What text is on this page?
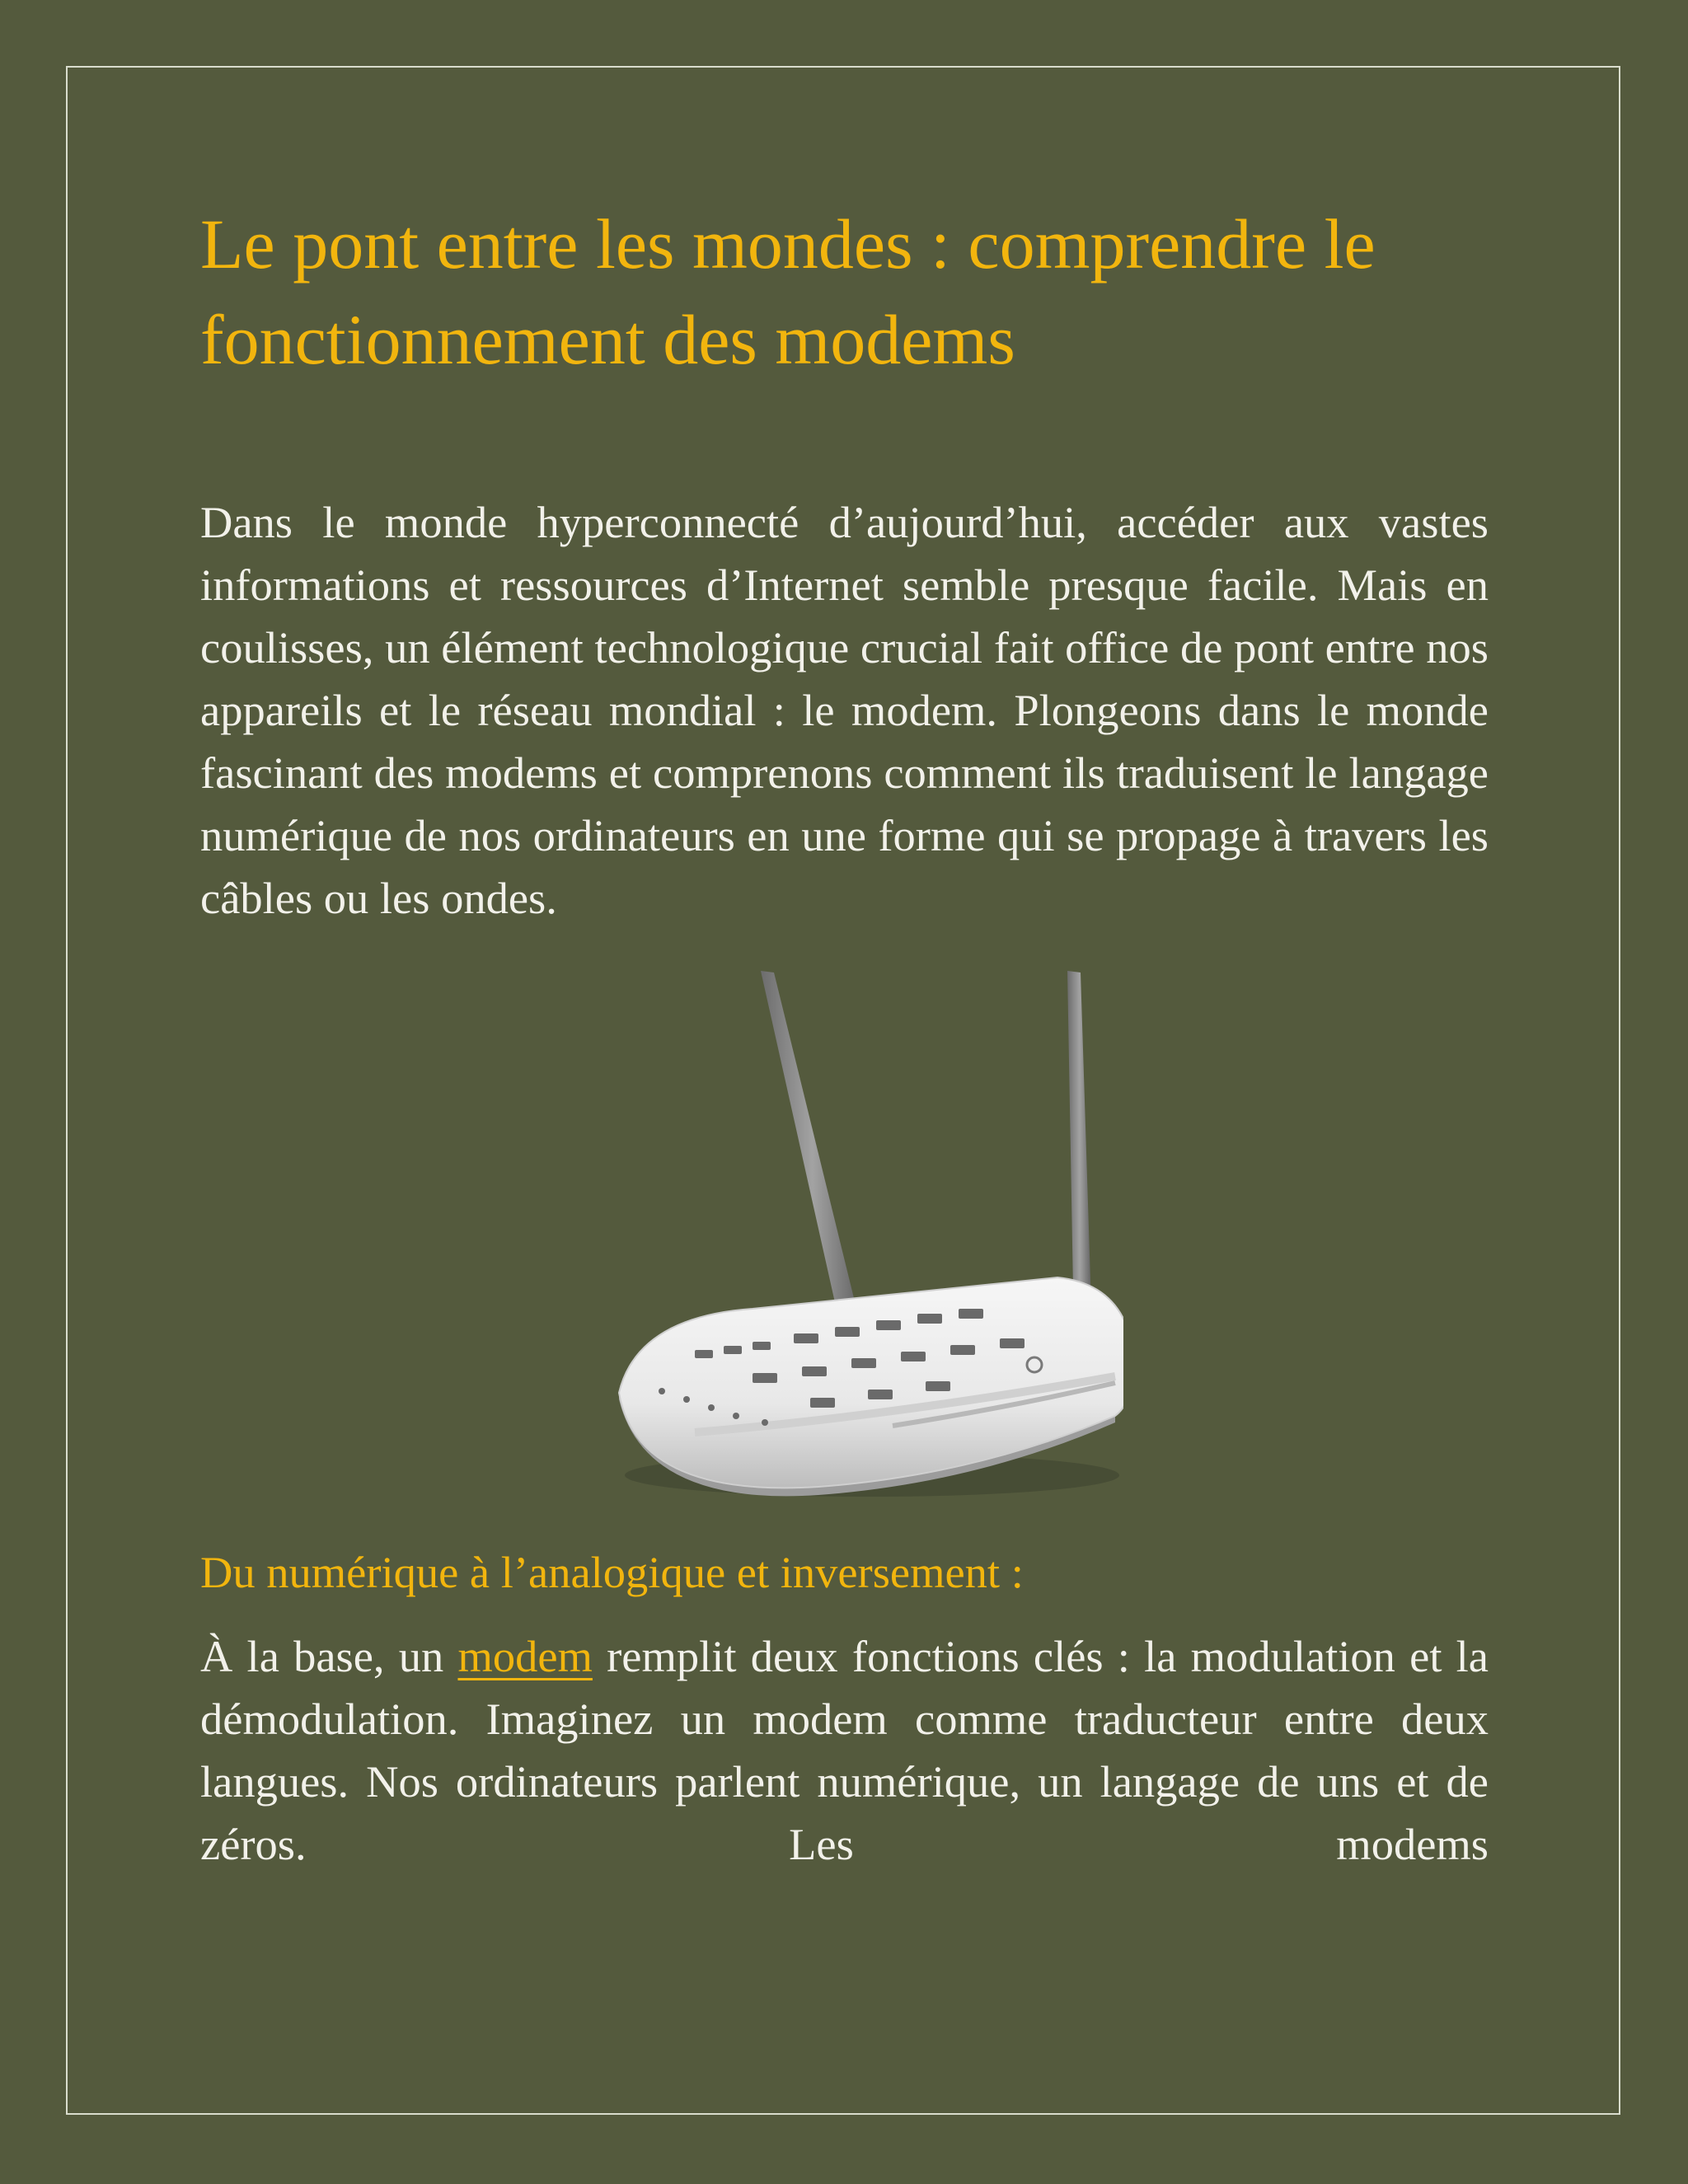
Le pont entre les mondes : comprendre le fonctionnement des modems

Dans le monde hyperconnecté d’aujourd’hui, accéder aux vastes informations et ressources d’Internet semble presque facile. Mais en coulisses, un élément technologique crucial fait office de pont entre nos appareils et le réseau mondial : le modem. Plongeons dans le monde fascinant des modems et comprenons comment ils traduisent le langage numérique de nos ordinateurs en une forme qui se propage à travers les câbles ou les ondes.

Du numérique à l’analogique et inversement :

À la base, un modem remplit deux fonctions clés : la modulation et la démodulation. Imaginez un modem comme traducteur entre deux langues. Nos ordinateurs parlent numérique, un langage de uns et de zéros. Les modems
